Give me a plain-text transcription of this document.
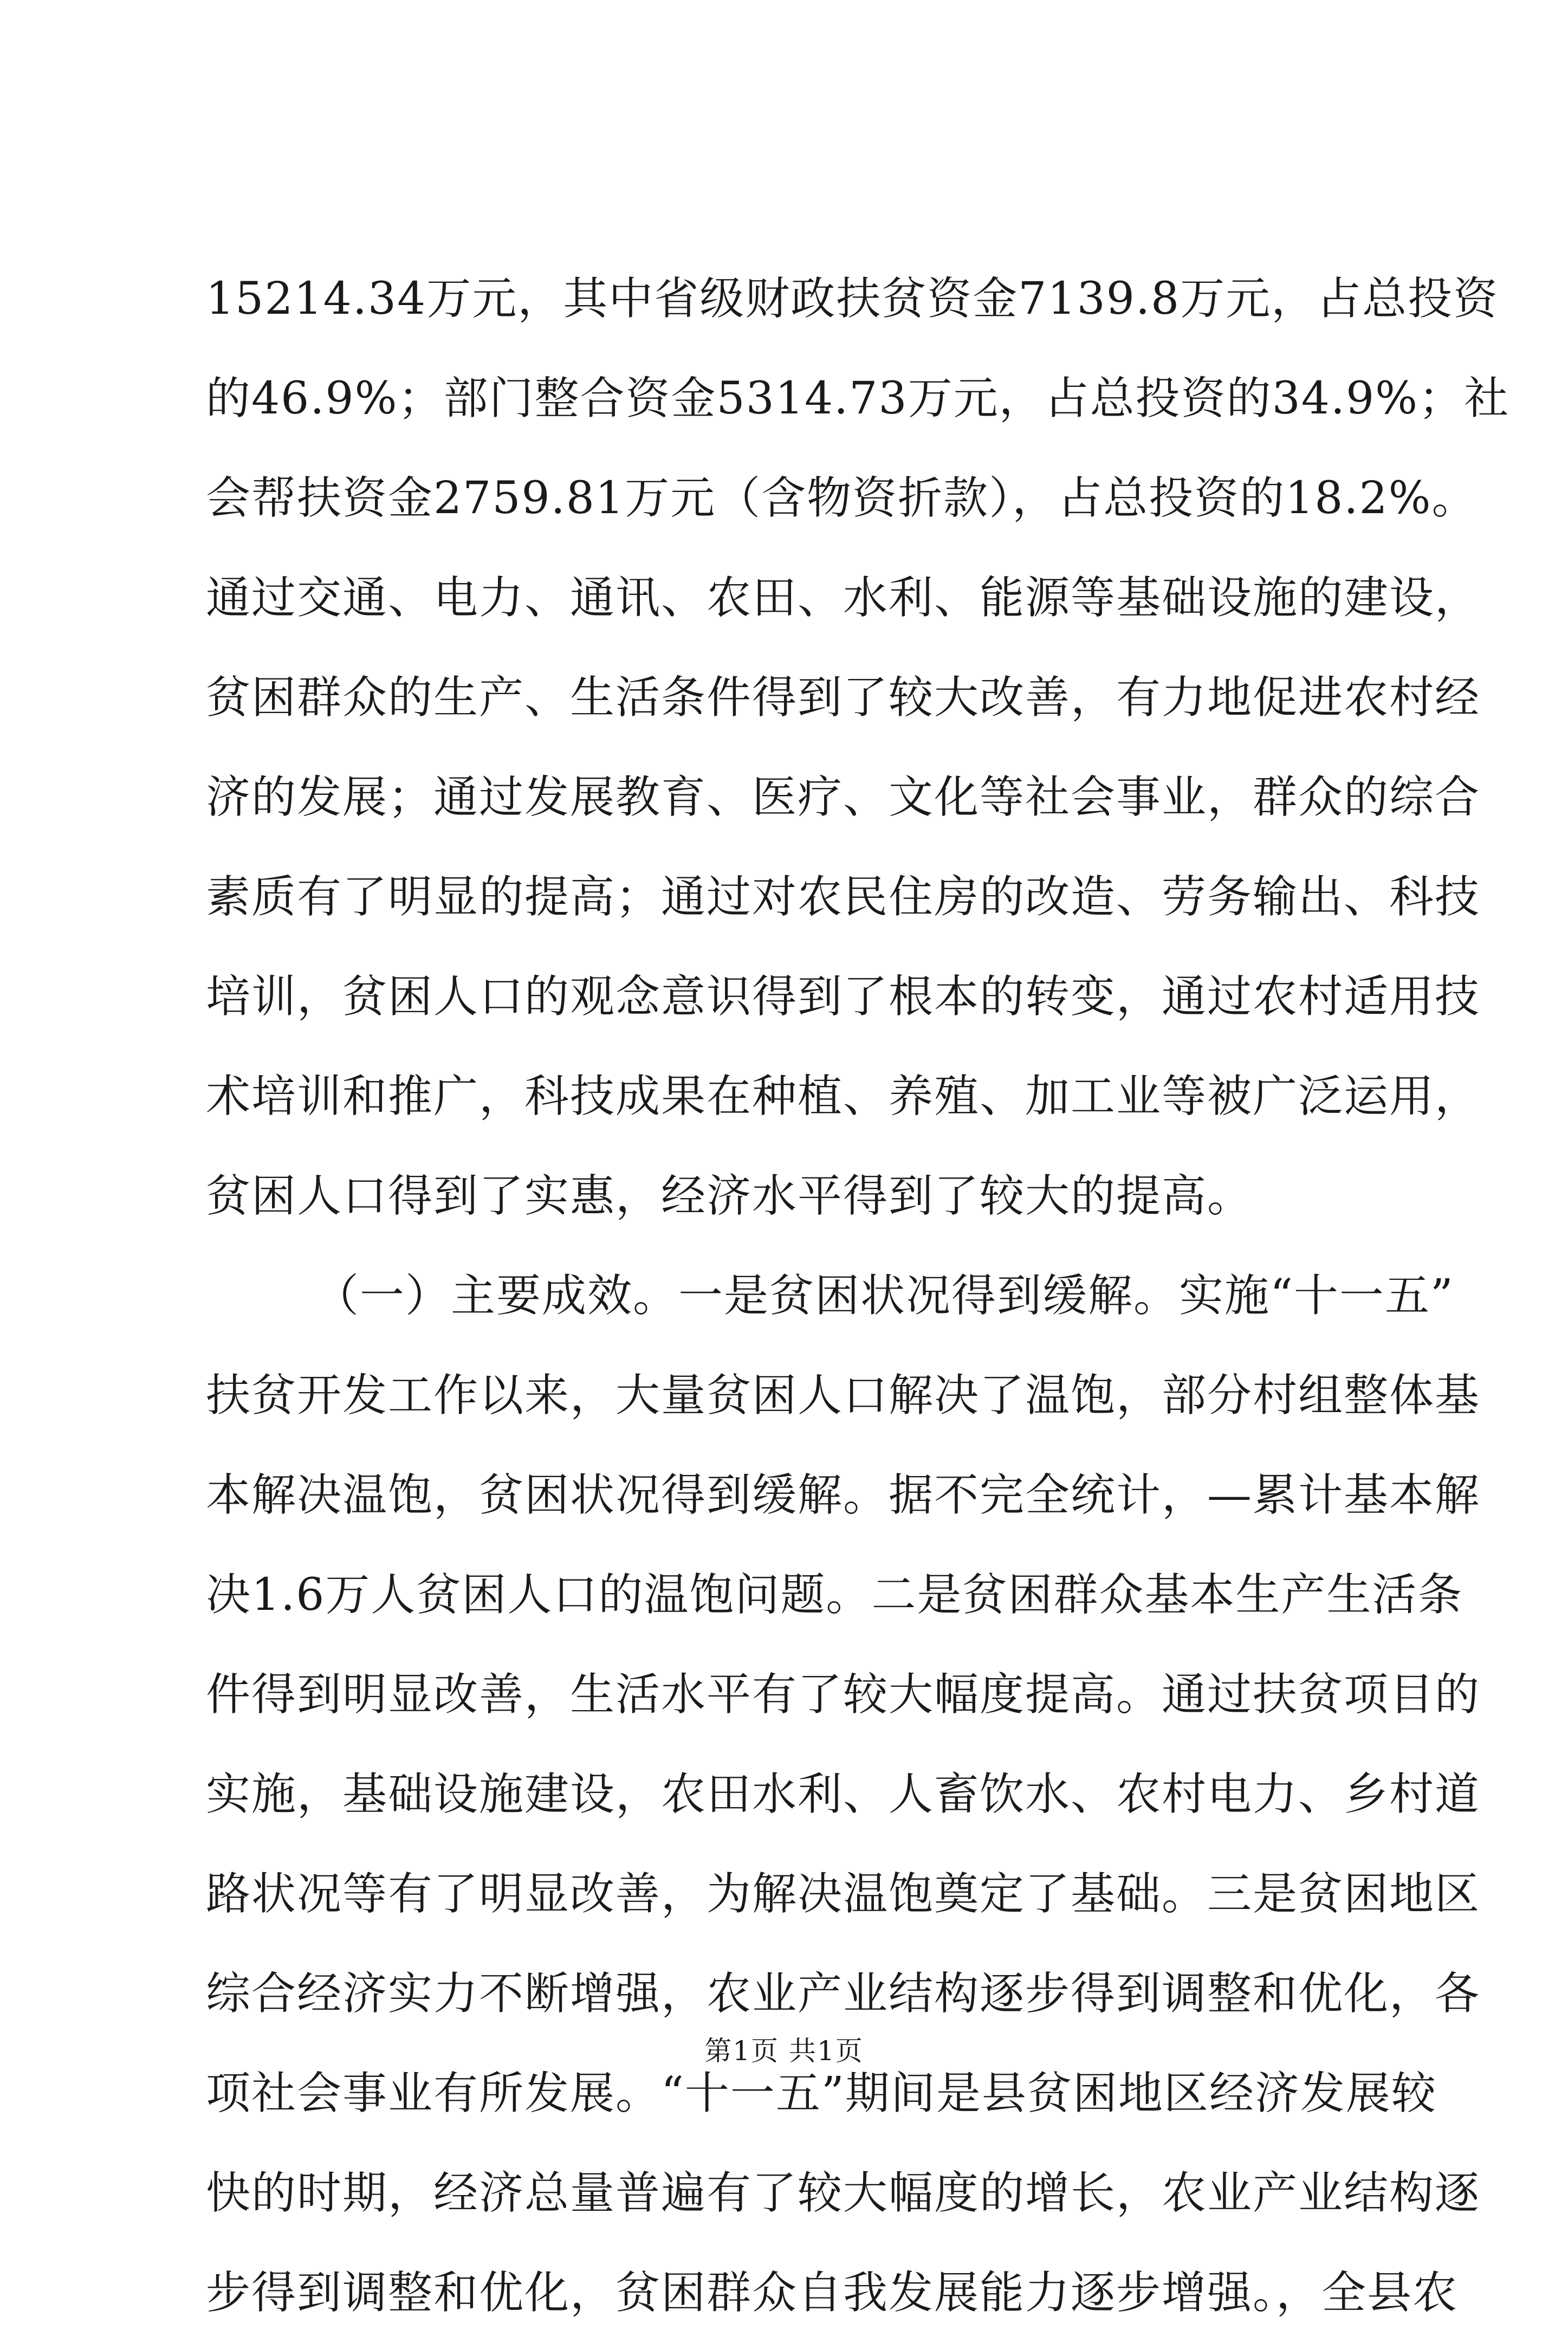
15214.34万元，其中省级财政扶贫资金7139.8万元，占总投资
的46.9%；部门整合资金5314.73万元，占总投资的34.9%；社
会帮扶资金2759.81万元（含物资折款），占总投资的18.2%。
通过交通、电力、通讯、农田、水利、能源等基础设施的建设，
贫困群众的生产、生活条件得到了较大改善，有力地促进农村经
济的发展；通过发展教育、医疗、文化等社会事业，群众的综合
素质有了明显的提高；通过对农民住房的改造、劳务输出、科技
培训，贫困人口的观念意识得到了根本的转变，通过农村适用技
术培训和推广，科技成果在种植、养殖、加工业等被广泛运用，
贫困人口得到了实惠，经济水平得到了较大的提高。
（一）主要成效。一是贫困状况得到缓解。实施“十一五”
扶贫开发工作以来，大量贫困人口解决了温饱，部分村组整体基
本解决温饱，贫困状况得到缓解。据不完全统计，—累计基本解
决1.6万人贫困人口的温饱问题。二是贫困群众基本生产生活条
件得到明显改善，生活水平有了较大幅度提高。通过扶贫项目的
实施，基础设施建设，农田水利、人畜饮水、农村电力、乡村道
路状况等有了明显改善，为解决温饱奠定了基础。三是贫困地区
综合经济实力不断增强，农业产业结构逐步得到调整和优化，各
项社会事业有所发展。“十一五”期间是县贫困地区经济发展较
快的时期，经济总量普遍有了较大幅度的增长，农业产业结构逐
步得到调整和优化，贫困群众自我发展能力逐步增强。，全县农
第1页 共1页
